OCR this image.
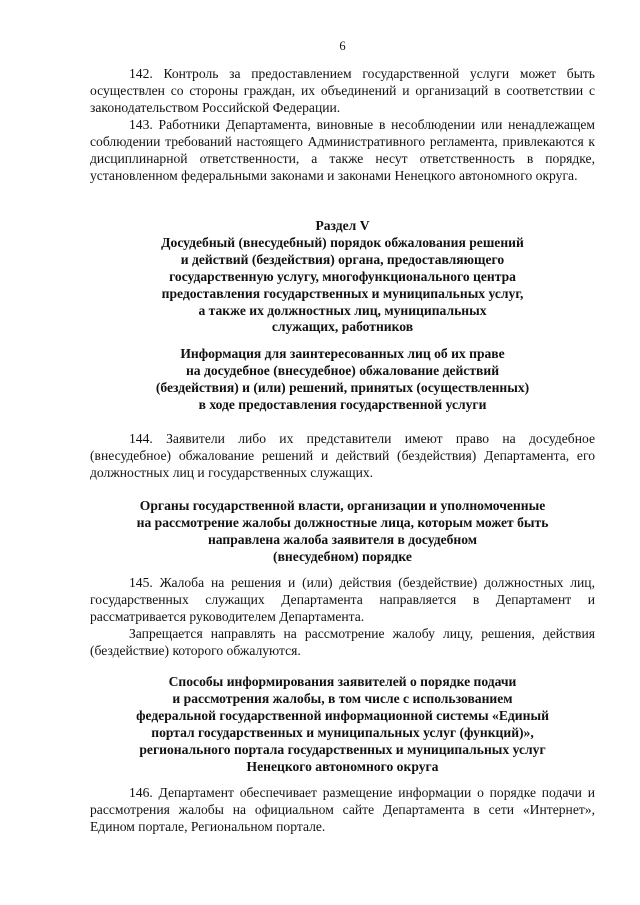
6

142. Контроль за предоставлением государственной услуги может быть осуществлен со стороны граждан, их объединений и организаций в соответствии с законодательством Российской Федерации.

143. Работники Департамента, виновные в несоблюдении или ненадлежащем соблюдении требований настоящего Административного регламента, привлекаются к дисциплинарной ответственности, а также несут ответственность в порядке, установленном федеральными законами и законами Ненецкого автономного округа.

Раздел V
Досудебный (внесудебный) порядок обжалования решений
и действий (бездействия) органа, предоставляющего
государственную услугу, многофункционального центра
предоставления государственных и муниципальных услуг,
а также их должностных лиц, муниципальных
служащих, работников
Информация для заинтересованных лиц об их праве
на досудебное (внесудебное) обжалование действий
(бездействия) и (или) решений, принятых (осуществленных)
в ходе предоставления государственной услуги

144. Заявители либо их представители имеют право на досудебное (внесудебное) обжалование решений и действий (бездействия) Департамента, его должностных лиц и государственных служащих.

Органы государственной власти, организации и уполномоченные
на рассмотрение жалобы должностные лица, которым может быть
направлена жалоба заявителя в досудебном
(внесудебном) порядке

145. Жалоба на решения и (или) действия (бездействие) должностных лиц, государственных служащих Департамента направляется в Департамент и рассматривается руководителем Департамента.

Запрещается направлять на рассмотрение жалобу лицу, решения, действия (бездействие) которого обжалуются.

Способы информирования заявителей о порядке подачи
и рассмотрения жалобы, в том числе с использованием
федеральной государственной информационной системы «Единый
портал государственных и муниципальных услуг (функций)»,
регионального портала государственных и муниципальных услуг
Ненецкого автономного округа

146. Департамент обеспечивает размещение информации о порядке подачи и рассмотрения жалобы на официальном сайте Департамента в сети «Интернет», Едином портале, Региональном портале.
